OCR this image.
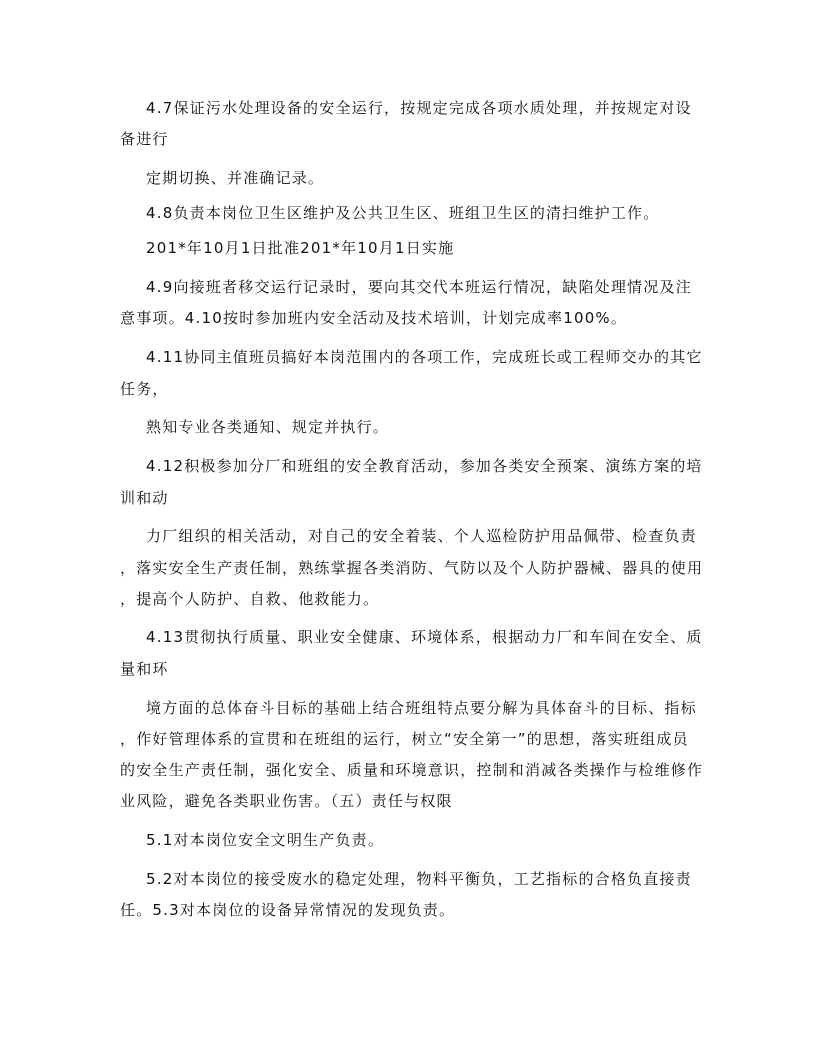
4.7保证污水处理设备的安全运行，按规定完成各项水质处理，并按规定对设
备进行
定期切换、并准确记录。
4.8负责本岗位卫生区维护及公共卫生区、班组卫生区的清扫维护工作。
201*年10月1日批准201*年10月1日实施
4.9向接班者移交运行记录时，要向其交代本班运行情况，缺陷处理情况及注
意事项。4.10按时参加班内安全活动及技术培训，计划完成率100%。
4.11协同主值班员搞好本岗范围内的各项工作，完成班长或工程师交办的其它
任务，
熟知专业各类通知、规定并执行。
4.12积极参加分厂和班组的安全教育活动，参加各类安全预案、演练方案的培
训和动
力厂组织的相关活动，对自己的安全着装、个人巡检防护用品佩带、检查负责
，落实安全生产责任制，熟练掌握各类消防、气防以及个人防护器械、器具的使用
，提高个人防护、自救、他救能力。
4.13贯彻执行质量、职业安全健康、环境体系，根据动力厂和车间在安全、质
量和环
境方面的总体奋斗目标的基础上结合班组特点要分解为具体奋斗的目标、指标
，作好管理体系的宣贯和在班组的运行，树立“安全第一”的思想，落实班组成员
的安全生产责任制，强化安全、质量和环境意识，控制和消减各类操作与检维修作
业风险，避免各类职业伤害。（五）责任与权限
5.1对本岗位安全文明生产负责。
5.2对本岗位的接受废水的稳定处理，物料平衡负，工艺指标的合格负直接责
任。5.3对本岗位的设备异常情况的发现负责。
